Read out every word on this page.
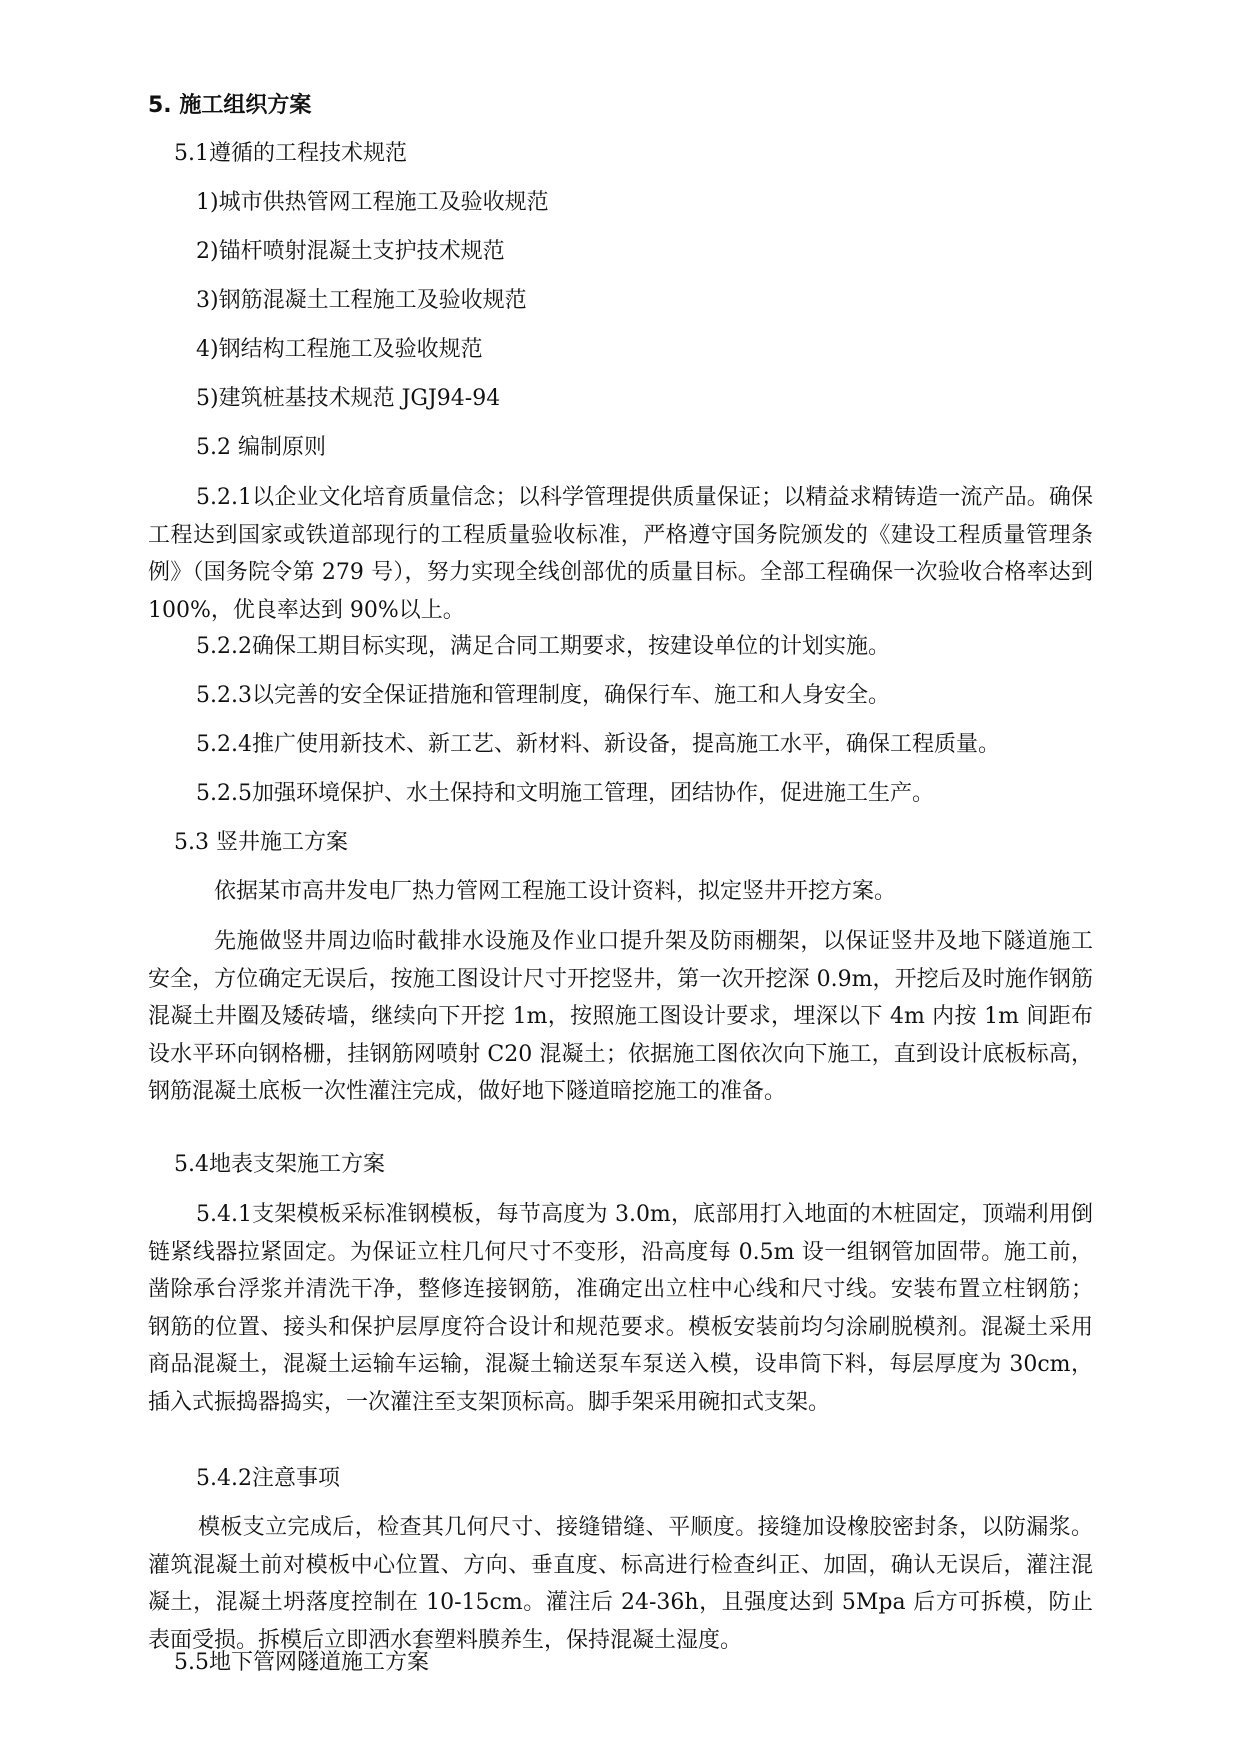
5. 施工组织方案
5.1遵循的工程技术规范
1)城市供热管网工程施工及验收规范
2)锚杆喷射混凝土支护技术规范
3)钢筋混凝土工程施工及验收规范
4)钢结构工程施工及验收规范
5)建筑桩基技术规范 JGJ94-94
5.2 编制原则
5.2.1以企业文化培育质量信念；以科学管理提供质量保证；以精益求精铸造一流产品。确保工程达到国家或铁道部现行的工程质量验收标准，严格遵守国务院颁发的《建设工程质量管理条例》（国务院令第 279 号），努力实现全线创部优的质量目标。全部工程确保一次验收合格率达到 100%，优良率达到 90%以上。
5.2.2确保工期目标实现，满足合同工期要求，按建设单位的计划实施。
5.2.3以完善的安全保证措施和管理制度，确保行车、施工和人身安全。
5.2.4推广使用新技术、新工艺、新材料、新设备，提高施工水平，确保工程质量。
5.2.5加强环境保护、水土保持和文明施工管理，团结协作，促进施工生产。
5.3 竖井施工方案
依据某市高井发电厂热力管网工程施工设计资料，拟定竖井开挖方案。
先施做竖井周边临时截排水设施及作业口提升架及防雨棚架，以保证竖井及地下隧道施工安全，方位确定无误后，按施工图设计尺寸开挖竖井，第一次开挖深 0.9m，开挖后及时施作钢筋混凝土井圈及矮砖墙，继续向下开挖 1m，按照施工图设计要求，埋深以下 4m 内按 1m 间距布设水平环向钢格栅，挂钢筋网喷射 C20 混凝土；依据施工图依次向下施工，直到设计底板标高，钢筋混凝土底板一次性灌注完成，做好地下隧道暗挖施工的准备。
5.4地表支架施工方案
5.4.1支架模板采标准钢模板，每节高度为 3.0m，底部用打入地面的木桩固定，顶端利用倒链紧线器拉紧固定。为保证立柱几何尺寸不变形，沿高度每 0.5m 设一组钢管加固带。施工前，凿除承台浮浆并清洗干净，整修连接钢筋，准确定出立柱中心线和尺寸线。安装布置立柱钢筋；钢筋的位置、接头和保护层厚度符合设计和规范要求。模板安装前均匀涂刷脱模剂。混凝土采用商品混凝土，混凝土运输车运输，混凝土输送泵车泵送入模，设串筒下料，每层厚度为 30cm，插入式振捣器捣实，一次灌注至支架顶标高。脚手架采用碗扣式支架。
5.4.2注意事项
模板支立完成后，检查其几何尺寸、接缝错缝、平顺度。接缝加设橡胶密封条，以防漏浆。灌筑混凝土前对模板中心位置、方向、垂直度、标高进行检查纠正、加固，确认无误后，灌注混凝土，混凝土坍落度控制在 10-15cm。灌注后 24-36h，且强度达到 5Mpa 后方可拆模，防止表面受损。拆模后立即洒水套塑料膜养生，保持混凝土湿度。
5.5地下管网隧道施工方案
